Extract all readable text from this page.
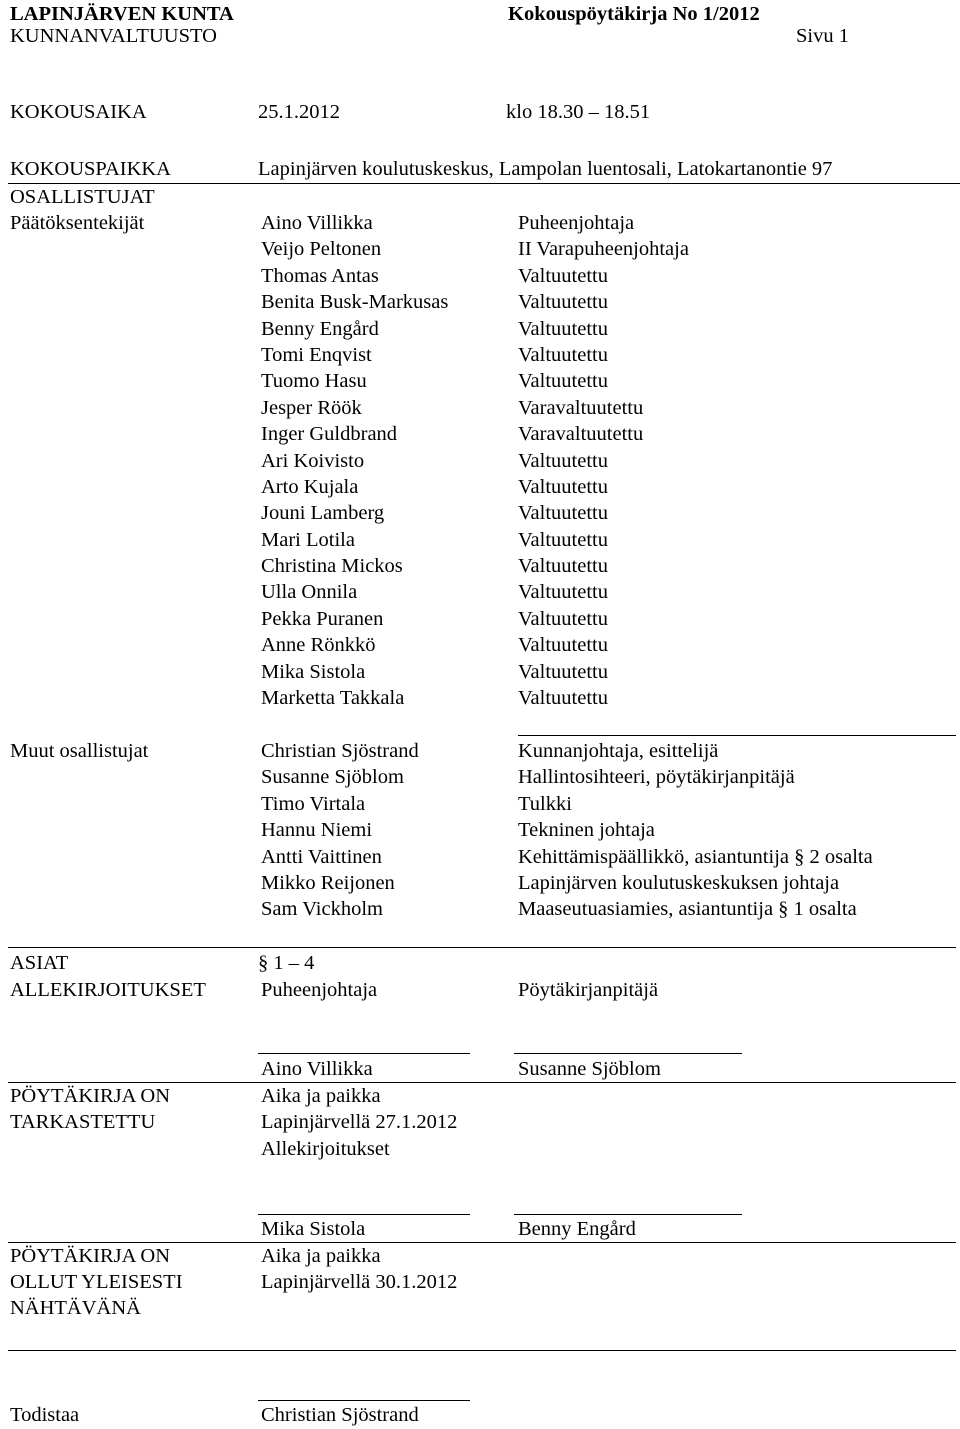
LAPINJÄRVEN KUNTA
KUNNANVALTUUSTO
Kokouspöytäkirja No 1/2012
Sivu 1
KOKOUSAIKA	25.1.2012	klo 18.30 – 18.51
KOKOUSPAIKKA	Lapinjärven koulutuskeskus, Lampolan luentosali, Latokartanontie 97
OSALLISTUJAT
Päätöksentekijät	Aino Villikka	Puheenjohtaja
Veijo Peltonen	II Varapuheenjohtaja
Thomas Antas	Valtuutettu
Benita Busk-Markusas	Valtuutettu
Benny Engård	Valtuutettu
Tomi Enqvist	Valtuutettu
Tuomo Hasu	Valtuutettu
Jesper Röök	Varavaltuutettu
Inger Guldbrand	Varavaltuutettu
Ari Koivisto	Valtuutettu
Arto Kujala	Valtuutettu
Jouni Lamberg	Valtuutettu
Mari Lotila	Valtuutettu
Christina Mickos	Valtuutettu
Ulla Onnila	Valtuutettu
Pekka Puranen	Valtuutettu
Anne Rönkkö	Valtuutettu
Mika Sistola	Valtuutettu
Marketta Takkala	Valtuutettu
Muut osallistujat	Christian Sjöstrand	Kunnanjohtaja, esittelijä
Susanne Sjöblom	Hallintosihteeri, pöytäkirjanpitäjä
Timo Virtala	Tulkki
Hannu Niemi	Tekninen johtaja
Antti Vaittinen	Kehittämispäällikkö, asiantuntija § 2 osalta
Mikko Reijonen	Lapinjärven koulutuskeskuksen johtaja
Sam Vickholm	Maaseutuasiamies, asiantuntija § 1 osalta
ASIAT	§ 1 – 4
ALLEKIRJOITUKSET	Puheenjohtaja	Pöytäkirjanpitäjä
Aino Villikka	Susanne Sjöblom
PÖYTÄKIRJA ON
TARKASTETTU
Aika ja paikka
Lapinjärvellä 27.1.2012
Allekirjoitukset
Mika Sistola	Benny Engård
PÖYTÄKIRJA ON
OLLUT YLEISESTI
NÄHTÄVÄNÄ
Aika ja paikka
Lapinjärvellä 30.1.2012
Todistaa	Christian Sjöstrand
